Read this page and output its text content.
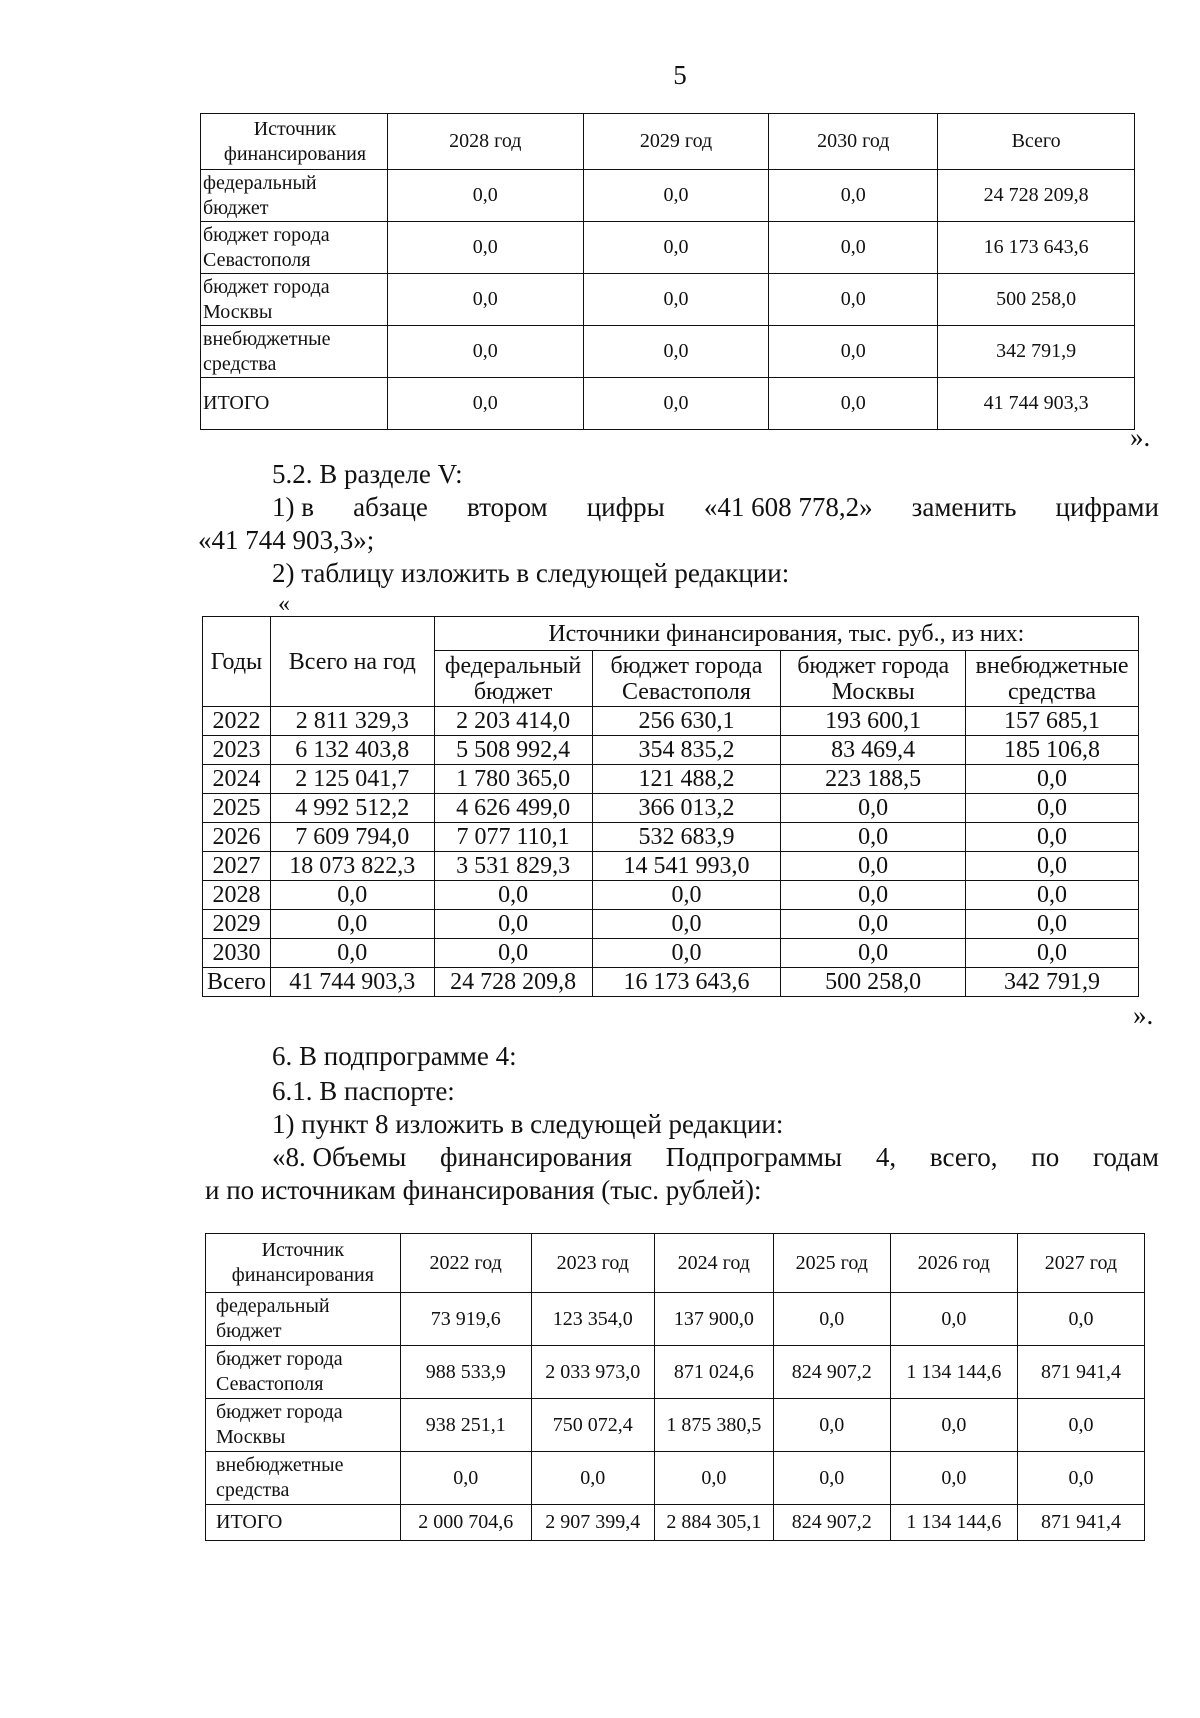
5
Источник финансирования	2028 год	2029 год	2030 год	Всего
федеральный бюджет	0,0	0,0	0,0	24 728 209,8
бюджет города Севастополя	0,0	0,0	0,0	16 173 643,6
бюджет города Москвы	0,0	0,0	0,0	500 258,0
внебюджетные средства	0,0	0,0	0,0	342 791,9
ИТОГО	0,0	0,0	0,0	41 744 903,3
».
5.2. В разделе V:
1) в абзаце втором цифры «41 608 778,2» заменить цифрами
«41 744 903,3»;
2) таблицу изложить в следующей редакции:
«
Годы	Всего на год	Источники финансирования, тыс. руб., из них:			
		федеральный бюджет	бюджет города Севастополя	бюджет города Москвы	внебюджетные средства
2022	2 811 329,3	2 203 414,0	256 630,1	193 600,1	157 685,1
2023	6 132 403,8	5 508 992,4	354 835,2	83 469,4	185 106,8
2024	2 125 041,7	1 780 365,0	121 488,2	223 188,5	0,0
2025	4 992 512,2	4 626 499,0	366 013,2	0,0	0,0
2026	7 609 794,0	7 077 110,1	532 683,9	0,0	0,0
2027	18 073 822,3	3 531 829,3	14 541 993,0	0,0	0,0
2028	0,0	0,0	0,0	0,0	0,0
2029	0,0	0,0	0,0	0,0	0,0
2030	0,0	0,0	0,0	0,0	0,0
Всего	41 744 903,3	24 728 209,8	16 173 643,6	500 258,0	342 791,9
».
6. В подпрограмме 4:
6.1. В паспорте:
1) пункт 8 изложить в следующей редакции:
«8. Объемы финансирования Подпрограммы 4, всего, по годам
и по источникам финансирования (тыс. рублей):
Источник финансирования	2022 год	2023 год	2024 год	2025 год	2026 год	2027 год
федеральный бюджет	73 919,6	123 354,0	137 900,0	0,0	0,0	0,0
бюджет города Севастополя	988 533,9	2 033 973,0	871 024,6	824 907,2	1 134 144,6	871 941,4
бюджет города Москвы	938 251,1	750 072,4	1 875 380,5	0,0	0,0	0,0
внебюджетные средства	0,0	0,0	0,0	0,0	0,0	0,0
ИТОГО	2 000 704,6	2 907 399,4	2 884 305,1	824 907,2	1 134 144,6	871 941,4
